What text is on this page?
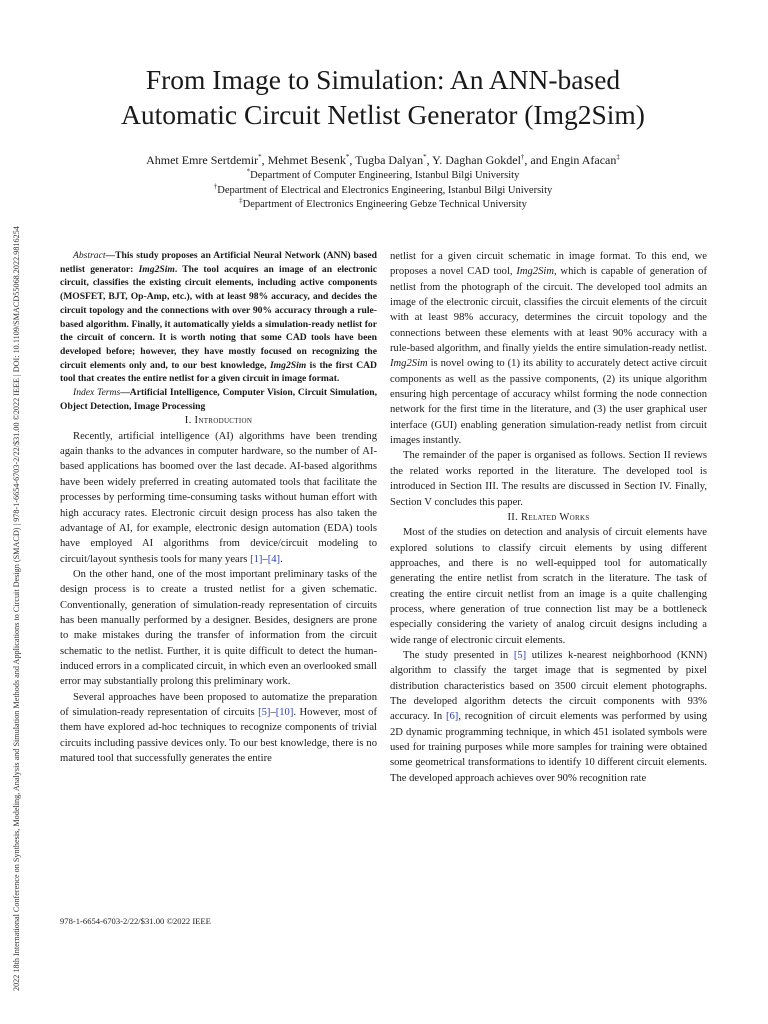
2022 18th International Conference on Synthesis, Modeling, Analysis and Simulation Methods and Applications to Circuit Design (SMACD) | 978-1-6654-6703-2/22/$31.00 ©2022 IEEE | DOI: 10.1109/SMACD55068.2022.9816254
From Image to Simulation: An ANN-based
Automatic Circuit Netlist Generator (Img2Sim)
Ahmet Emre Sertdemir*, Mehmet Besenk*, Tugba Dalyan*, Y. Daghan Gokdel†, and Engin Afacan‡
*Department of Computer Engineering, Istanbul Bilgi University
†Department of Electrical and Electronics Engineering, Istanbul Bilgi University
‡Department of Electronics Engineering Gebze Technical University

Abstract—This study proposes an Artificial Neural Network (ANN) based netlist generator: Img2Sim. The tool acquires an image of an electronic circuit, classifies the existing circuit elements, including active components (MOSFET, BJT, Op-Amp, etc.), with at least 98% accuracy, and decides the circuit topology and the connections with over 90% accuracy through a rule-based algorithm. Finally, it automatically yields a simulation-ready netlist for the circuit of concern. It is worth noting that some CAD tools have been developed before; however, they have mostly focused on recognizing the circuit elements only and, to our best knowledge, Img2Sim is the first CAD tool that creates the entire netlist for a given circuit in image format.

Index Terms—Artificial Intelligence, Computer Vision, Circuit Simulation, Object Detection, Image Processing

I. Introduction

Recently, artificial intelligence (AI) algorithms have been trending again thanks to the advances in computer hardware, so the number of AI-based applications has boomed over the last decade. AI-based algorithms have been widely preferred in creating automated tools that facilitate the processes by performing time-consuming tasks without human effort with high accuracy rates. Electronic circuit design process has also taken the advantage of AI, for example, electronic design automation (EDA) tools have employed AI algorithms from device/circuit modeling to circuit/layout synthesis tools for many years [1]–[4].

On the other hand, one of the most important preliminary tasks of the design process is to create a trusted netlist for a given schematic. Conventionally, generation of simulation-ready representation of circuits has been manually performed by a designer. Besides, designers are prone to make mistakes during the transfer of information from the circuit schematic to the netlist. Further, it is quite difficult to detect the human-induced errors in a complicated circuit, in which even an overlooked small error may substantially prolong this preliminary work.

Several approaches have been proposed to automatize the preparation of simulation-ready representation of circuits [5]–[10]. However, most of them have explored ad-hoc techniques to recognize components of trivial circuits including passive devices only. To our best knowledge, there is no matured tool that successfully generates the entire

netlist for a given circuit schematic in image format. To this end, we proposes a novel CAD tool, Img2Sim, which is capable of generation of netlist from the photograph of the circuit. The developed tool admits an image of the electronic circuit, classifies the circuit elements of the circuit with at least 98% accuracy, determines the circuit topology and the connections between these elements with at least 90% accuracy with a rule-based algorithm, and finally yields the entire simulation-ready netlist. Img2Sim is novel owing to (1) its ability to accurately detect active circuit components as well as the passive components, (2) its unique algorithm ensuring high percentage of accuracy whilst forming the node connection network for the first time in the literature, and (3) the user graphical user interface (GUI) enabling generation simulation-ready netlist from circuit images instantly.

The remainder of the paper is organised as follows. Section II reviews the related works reported in the literature. The developed tool is introduced in Section III. The results are discussed in Section IV. Finally, Section V concludes this paper.

II. Related Works

Most of the studies on detection and analysis of circuit elements have explored solutions to classify circuit elements by using different approaches, and there is no well-equipped tool for automatically generating the entire netlist from scratch in the literature. The task of creating the entire circuit netlist from an image is a quite challenging process, where generation of true connection list may be a bottleneck especially considering the variety of analog circuit designs including a wide range of electronic circuit elements.

The study presented in [5] utilizes k-nearest neighborhood (KNN) algorithm to classify the target image that is segmented by pixel distribution characteristics based on 3500 circuit element photographs. The developed algorithm detects the circuit components with 93% accuracy. In [6], recognition of circuit elements was performed by using 2D dynamic programming technique, in which 451 isolated symbols were used for training purposes while more samples for training were obtained some geometrical transformations to identify 10 different circuit elements. The developed approach achieves over 90% recognition rate

978-1-6654-6703-2/22/$31.00 ©2022 IEEE
